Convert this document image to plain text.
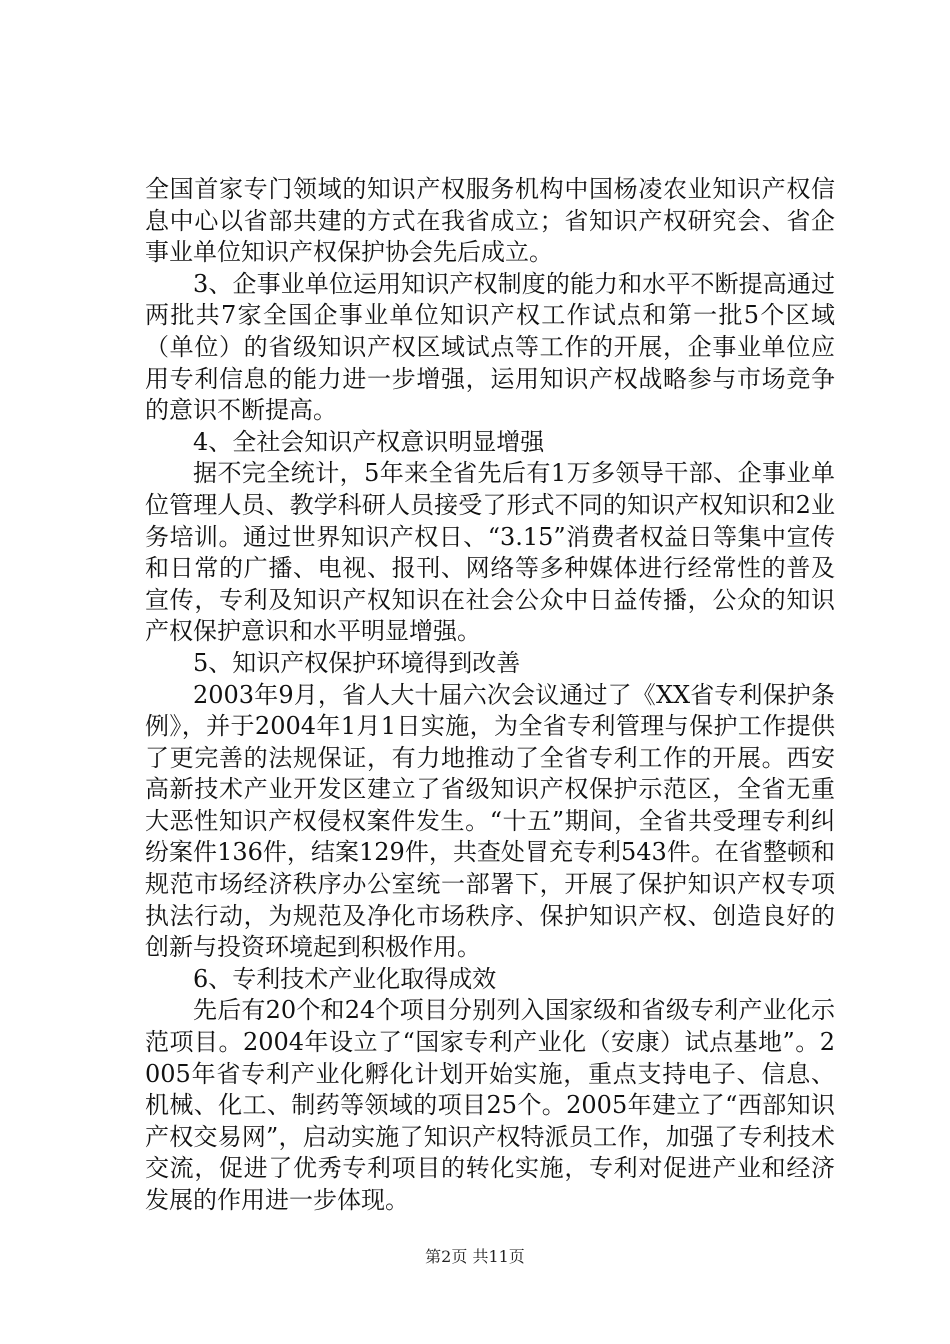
全国首家专门领域的知识产权服务机构中国杨凌农业知识产权信息中心以省部共建的方式在我省成立；省知识产权研究会、省企事业单位知识产权保护协会先后成立。

3、企事业单位运用知识产权制度的能力和水平不断提高通过两批共7家全国企事业单位知识产权工作试点和第一批5个区域（单位）的省级知识产权区域试点等工作的开展，企事业单位应用专利信息的能力进一步增强，运用知识产权战略参与市场竞争的意识不断提高。

4、全社会知识产权意识明显增强

据不完全统计，5年来全省先后有1万多领导干部、企事业单位管理人员、教学科研人员接受了形式不同的知识产权知识和2业务培训。通过世界知识产权日、“3.15”消费者权益日等集中宣传和日常的广播、电视、报刊、网络等多种媒体进行经常性的普及宣传，专利及知识产权知识在社会公众中日益传播，公众的知识产权保护意识和水平明显增强。

5、知识产权保护环境得到改善

2003年9月，省人大十届六次会议通过了《XX省专利保护条例》，并于2004年1月1日实施，为全省专利管理与保护工作提供了更完善的法规保证，有力地推动了全省专利工作的开展。西安高新技术产业开发区建立了省级知识产权保护示范区，全省无重大恶性知识产权侵权案件发生。“十五”期间，全省共受理专利纠纷案件136件，结案129件，共查处冒充专利543件。在省整顿和规范市场经济秩序办公室统一部署下，开展了保护知识产权专项执法行动，为规范及净化市场秩序、保护知识产权、创造良好的创新与投资环境起到积极作用。

6、专利技术产业化取得成效

先后有20个和24个项目分别列入国家级和省级专利产业化示范项目。2004年设立了“国家专利产业化（安康）试点基地”。2005年省专利产业化孵化计划开始实施，重点支持电子、信息、机械、化工、制药等领域的项目25个。2005年建立了“西部知识产权交易网”，启动实施了知识产权特派员工作，加强了专利技术交流，促进了优秀专利项目的转化实施，专利对促进产业和经济发展的作用进一步体现。

第2页 共11页
